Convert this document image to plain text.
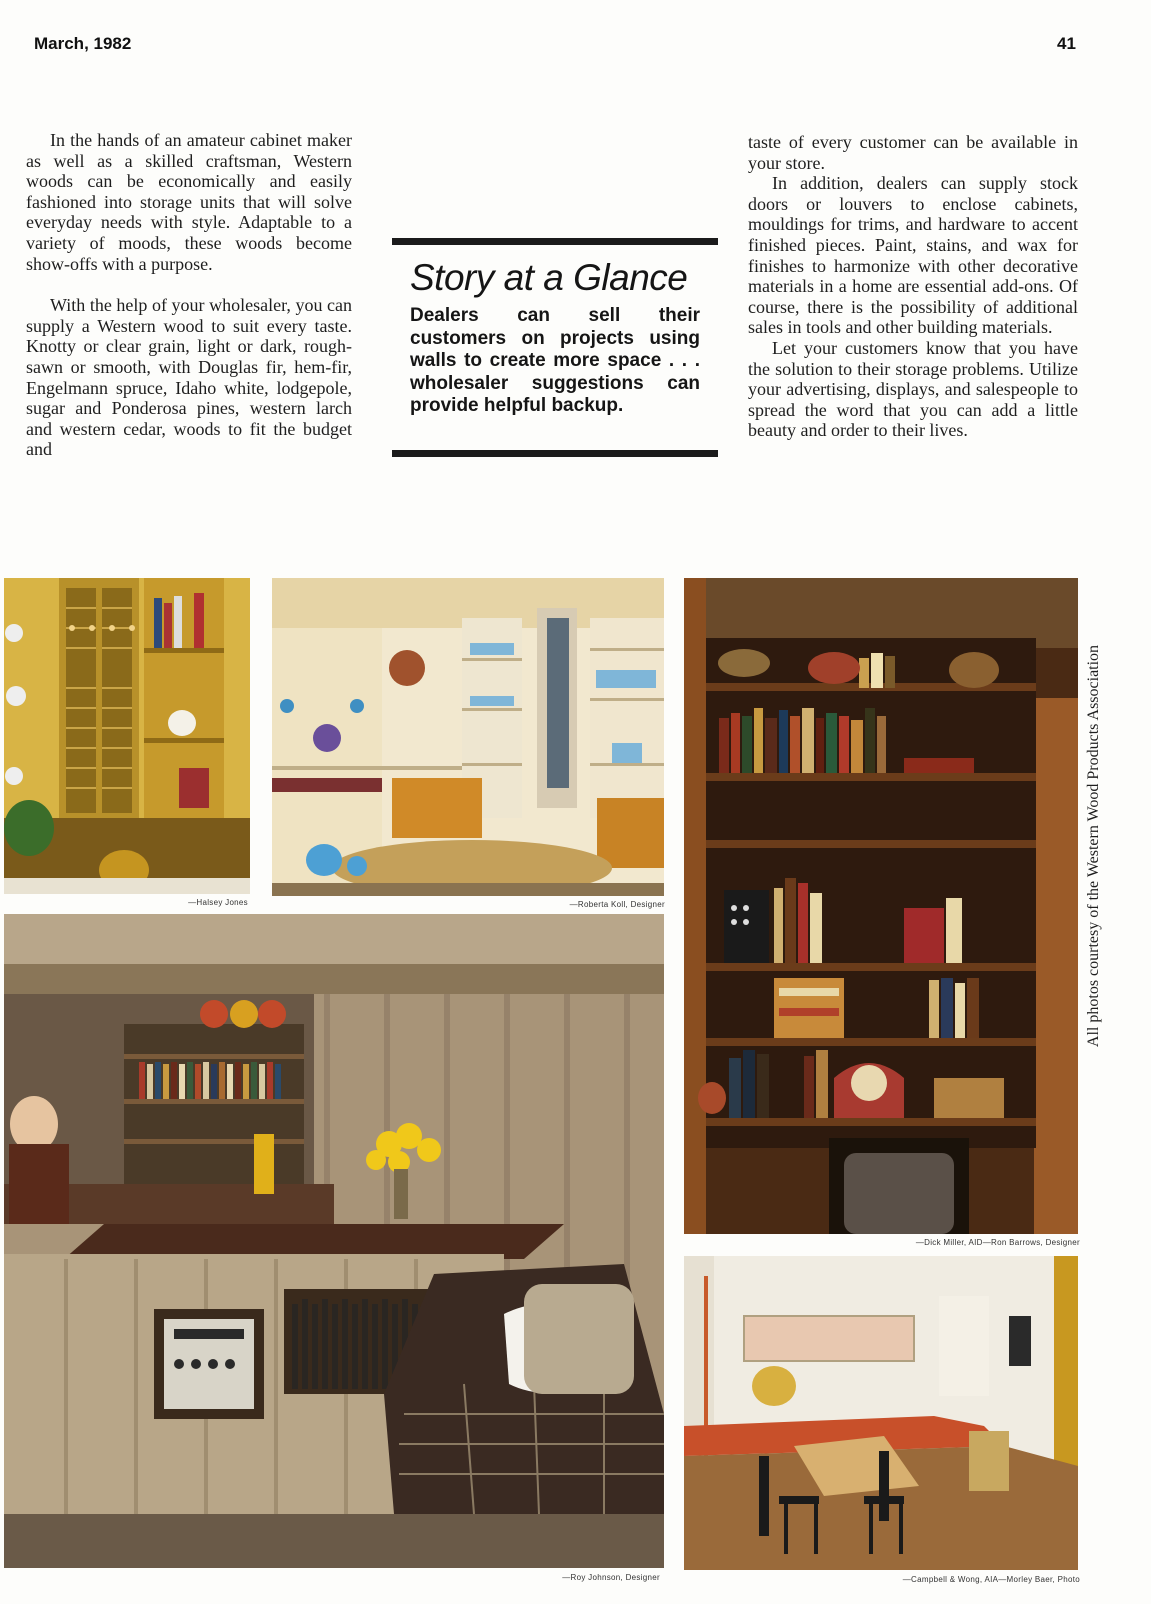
March, 1982	41

In the hands of an amateur cabinet maker as well as a skilled craftsman, Western woods can be economically and easily fashioned into storage units that will solve everyday needs with style. Adaptable to a variety of moods, these woods become show-offs with a purpose.

With the help of your wholesaler, you can supply a Western wood to suit every taste. Knotty or clear grain, light or dark, rough-sawn or smooth, with Douglas fir, hem-fir, Engelmann spruce, Idaho white, lodgepole, sugar and Ponderosa pines, western larch and western cedar, woods to fit the budget and

Story at a Glance

Dealers can sell their customers on projects using walls to create more space . . . wholesaler suggestions can provide helpful backup.

taste of every customer can be available in your store.

In addition, dealers can supply stock doors or louvers to enclose cabinets, mouldings for trims, and hardware to accent finished pieces. Paint, stains, and wax for finishes to harmonize with other decorative materials in a home are essential add-ons. Of course, there is the possibility of additional sales in tools and other building materials.

Let your customers know that you have the solution to their storage problems. Utilize your advertising, displays, and salespeople to spread the word that you can add a little beauty and order to their lives.

—Halsey Jones	—Roberta Koll, Designer
—Dick Miller, AID—Ron Barrows, Designer
—Roy Johnson, Designer	—Campbell & Wong, AIA—Morley Baer, Photo
All photos courtesy of the Western Wood Products Association
